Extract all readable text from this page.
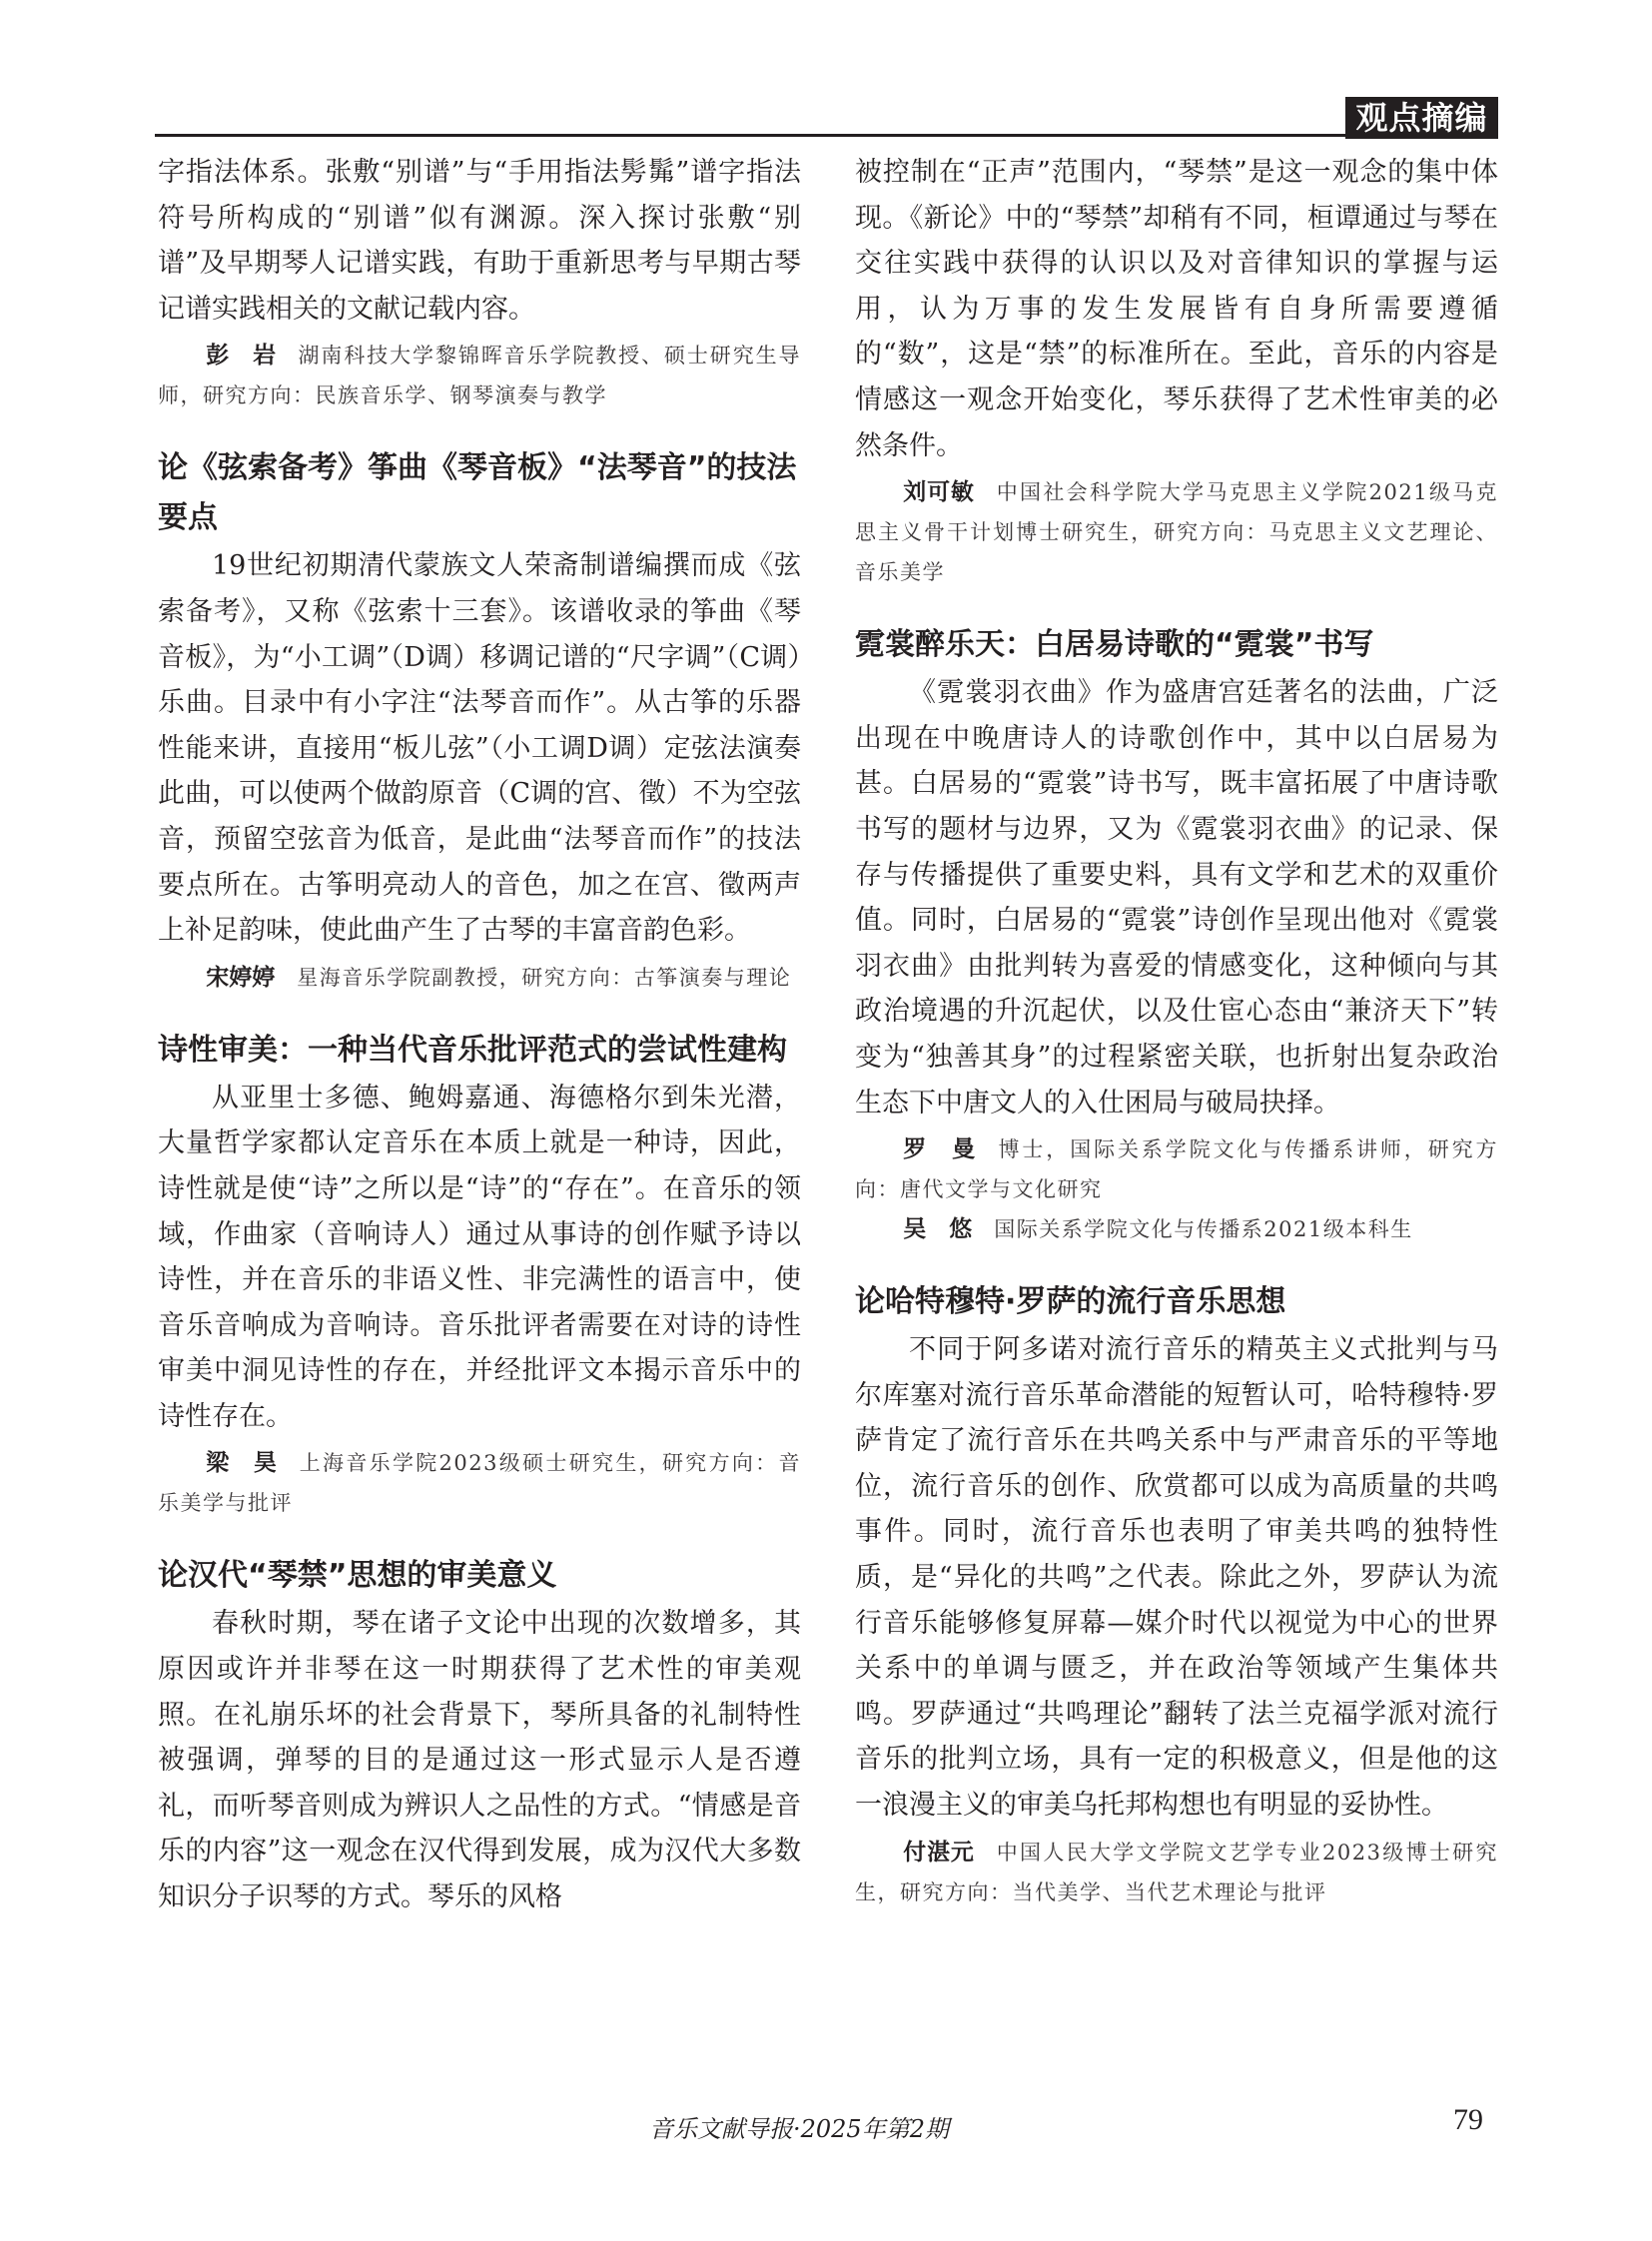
观点摘编

字指法体系。张敷“别谱”与“手用指法髣髴”谱字指法符号所构成的“别谱”似有渊源。深入探讨张敷“别谱”及早期琴人记谱实践，有助于重新思考与早期古琴记谱实践相关的文献记载内容。

彭　岩 湖南科技大学黎锦晖音乐学院教授、硕士研究生导师，研究方向：民族音乐学、钢琴演奏与教学

论《弦索备考》筝曲《琴音板》“法琴音”的技法要点

19世纪初期清代蒙族文人荣斋制谱编撰而成《弦索备考》，又称《弦索十三套》。该谱收录的筝曲《琴音板》，为“小工调”（D调）移调记谱的“尺字调”（C调）乐曲。目录中有小字注“法琴音而作”。从古筝的乐器性能来讲，直接用“板儿弦”（小工调D调）定弦法演奏此曲，可以使两个做韵原音（C调的宫、徵）不为空弦音，预留空弦音为低音，是此曲“法琴音而作”的技法要点所在。古筝明亮动人的音色，加之在宫、徵两声上补足韵味，使此曲产生了古琴的丰富音韵色彩。

宋婷婷 星海音乐学院副教授，研究方向：古筝演奏与理论

诗性审美：一种当代音乐批评范式的尝试性建构

从亚里士多德、鲍姆嘉通、海德格尔到朱光潜，大量哲学家都认定音乐在本质上就是一种诗，因此，诗性就是使“诗”之所以是“诗”的“存在”。在音乐的领域，作曲家（音响诗人）通过从事诗的创作赋予诗以诗性，并在音乐的非语义性、非完满性的语言中，使音乐音响成为音响诗。音乐批评者需要在对诗的诗性审美中洞见诗性的存在，并经批评文本揭示音乐中的诗性存在。

梁　昊 上海音乐学院2023级硕士研究生，研究方向：音乐美学与批评

论汉代“琴禁”思想的审美意义

春秋时期，琴在诸子文论中出现的次数增多，其原因或许并非琴在这一时期获得了艺术性的审美观照。在礼崩乐坏的社会背景下，琴所具备的礼制特性被强调，弹琴的目的是通过这一形式显示人是否遵礼，而听琴音则成为辨识人之品性的方式。“情感是音乐的内容”这一观念在汉代得到发展，成为汉代大多数知识分子识琴的方式。琴乐的风格

被控制在“正声”范围内，“琴禁”是这一观念的集中体现。《新论》中的“琴禁”却稍有不同，桓谭通过与琴在交往实践中获得的认识以及对音律知识的掌握与运用，认为万事的发生发展皆有自身所需要遵循的“数”，这是“禁”的标准所在。至此，音乐的内容是情感这一观念开始变化，琴乐获得了艺术性审美的必然条件。

刘可敏 中国社会科学院大学马克思主义学院2021级马克思主义骨干计划博士研究生，研究方向：马克思主义文艺理论、音乐美学

霓裳醉乐天：白居易诗歌的“霓裳”书写

《霓裳羽衣曲》作为盛唐宫廷著名的法曲，广泛出现在中晚唐诗人的诗歌创作中，其中以白居易为甚。白居易的“霓裳”诗书写，既丰富拓展了中唐诗歌书写的题材与边界，又为《霓裳羽衣曲》的记录、保存与传播提供了重要史料，具有文学和艺术的双重价值。同时，白居易的“霓裳”诗创作呈现出他对《霓裳羽衣曲》由批判转为喜爱的情感变化，这种倾向与其政治境遇的升沉起伏，以及仕宦心态由“兼济天下”转变为“独善其身”的过程紧密关联，也折射出复杂政治生态下中唐文人的入仕困局与破局抉择。

罗　曼 博士，国际关系学院文化与传播系讲师，研究方向：唐代文学与文化研究

吴　悠 国际关系学院文化与传播系2021级本科生

论哈特穆特·罗萨的流行音乐思想

不同于阿多诺对流行音乐的精英主义式批判与马尔库塞对流行音乐革命潜能的短暂认可，哈特穆特·罗萨肯定了流行音乐在共鸣关系中与严肃音乐的平等地位，流行音乐的创作、欣赏都可以成为高质量的共鸣事件。同时，流行音乐也表明了审美共鸣的独特性质，是“异化的共鸣”之代表。除此之外，罗萨认为流行音乐能够修复屏幕—媒介时代以视觉为中心的世界关系中的单调与匮乏，并在政治等领域产生集体共鸣。罗萨通过“共鸣理论”翻转了法兰克福学派对流行音乐的批判立场，具有一定的积极意义，但是他的这一浪漫主义的审美乌托邦构想也有明显的妥协性。

付湛元 中国人民大学文学院文艺学专业2023级博士研究生，研究方向：当代美学、当代艺术理论与批评

音乐文献导报·2025年第2期	79
